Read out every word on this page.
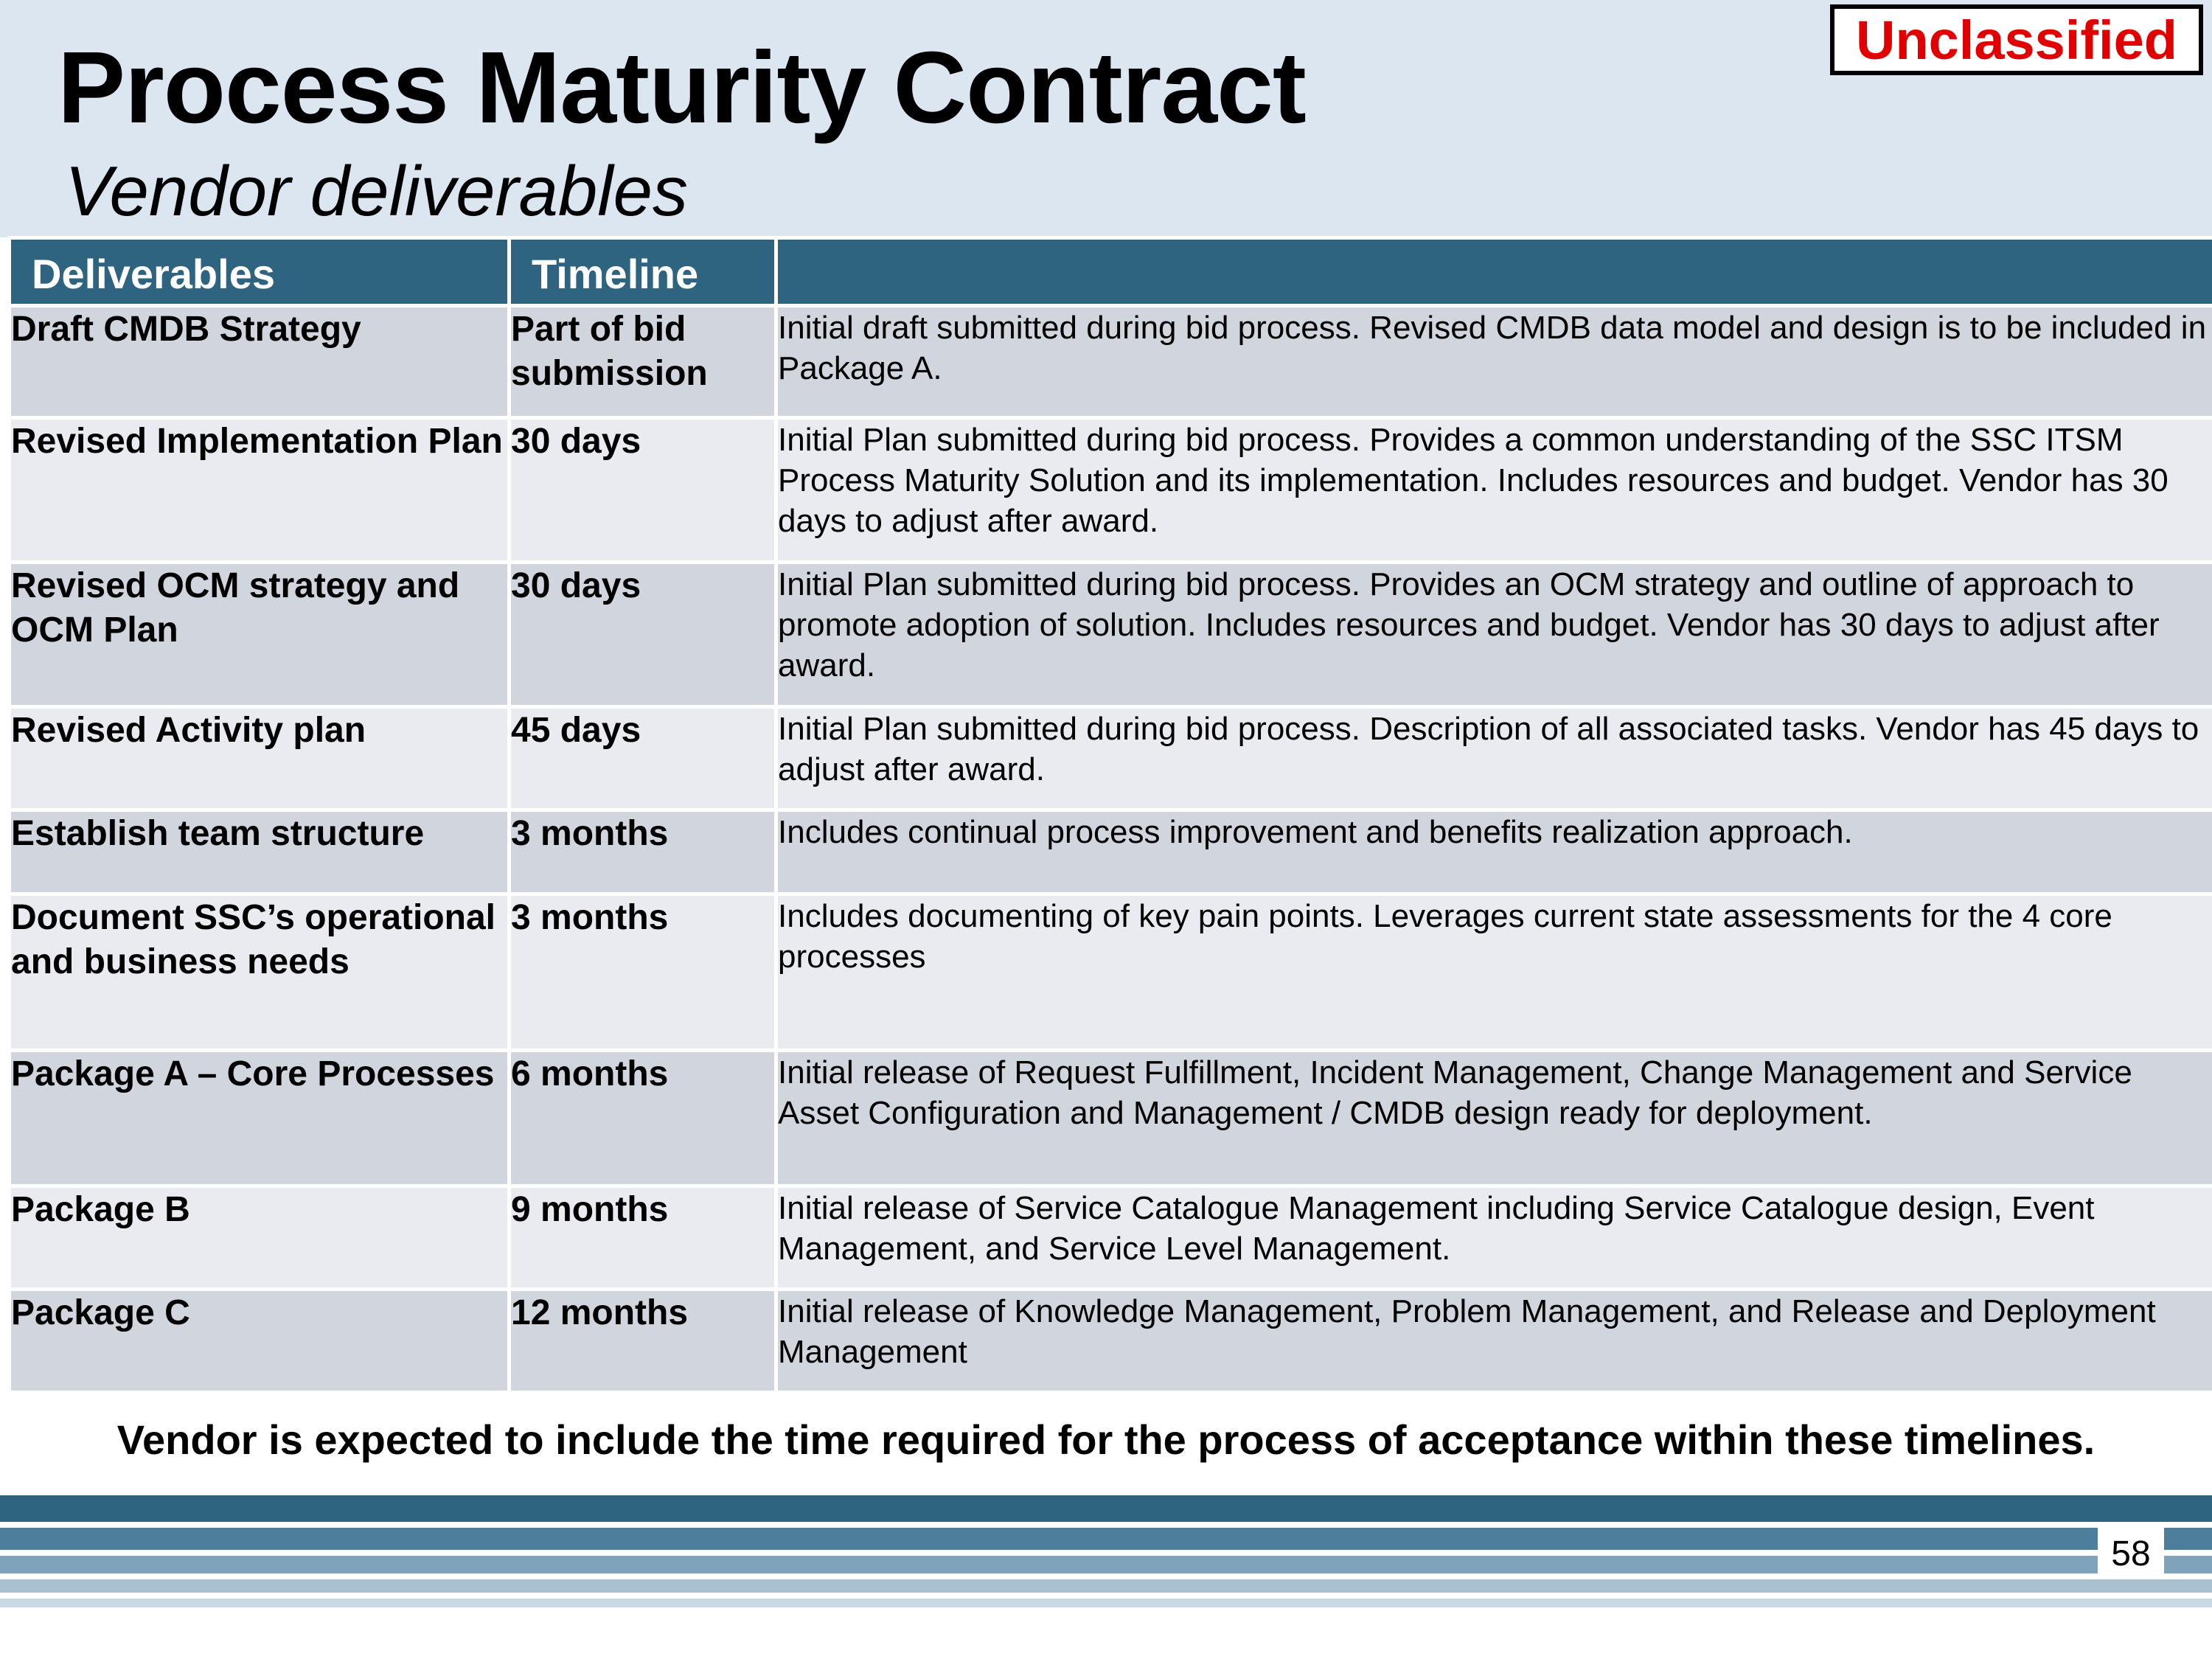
Process Maturity Contract
Vendor deliverables
Unclassified
Deliverables	Timeline	
Draft CMDB Strategy	Part of bid submission	Initial draft submitted during bid process. Revised CMDB data model and design is to be included in Package A.
Revised Implementation Plan	30 days	Initial Plan submitted during bid process. Provides a common understanding of the SSC ITSM Process Maturity Solution and its implementation. Includes resources and budget. Vendor has 30 days to adjust after award.
Revised OCM strategy and OCM Plan	30 days	Initial Plan submitted during bid process. Provides an OCM strategy and outline of approach to promote adoption of solution. Includes resources and budget. Vendor has 30 days to adjust after award.
Revised Activity plan	45 days	Initial Plan submitted during bid process. Description of all associated tasks. Vendor has 45 days to adjust after award.
Establish team structure	3 months	Includes continual process improvement and benefits realization approach.
Document SSC’s operational and business needs	3 months	Includes documenting of key pain points. Leverages current state assessments for the 4 core processes
Package A – Core Processes	6 months	Initial release of Request Fulfillment, Incident Management, Change Management and Service Asset Configuration and Management / CMDB design ready for deployment.
Package B	9 months	Initial release of Service Catalogue Management including Service Catalogue design, Event Management, and Service Level Management.
Package C	12 months	Initial release of Knowledge Management, Problem Management, and Release and Deployment Management
Vendor is expected to include the time required for the process of acceptance within these timelines.
58
